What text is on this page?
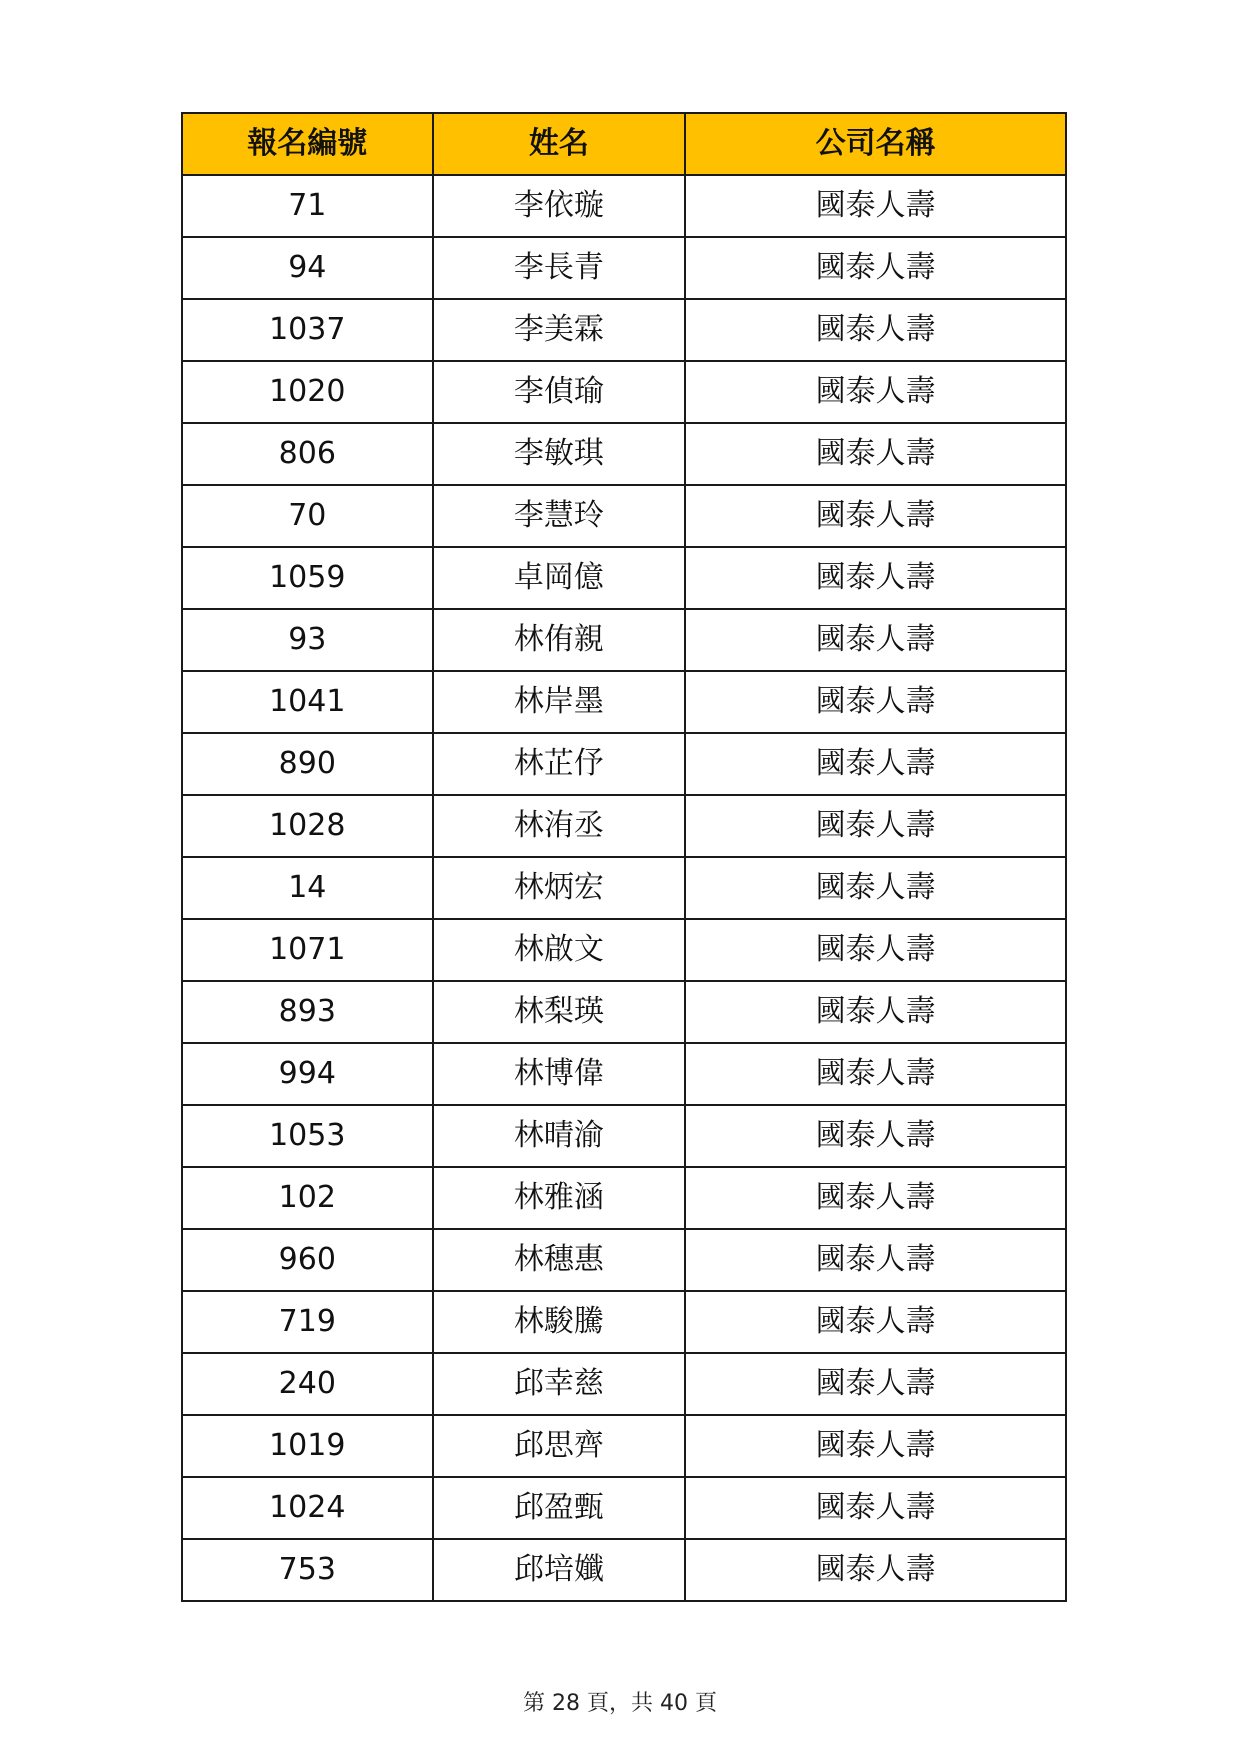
報名編號	姓名	公司名稱
71	李依璇	國泰人壽
94	李長青	國泰人壽
1037	李美霖	國泰人壽
1020	李偵瑜	國泰人壽
806	李敏琪	國泰人壽
70	李慧玲	國泰人壽
1059	卓岡億	國泰人壽
93	林侑親	國泰人壽
1041	林岸墨	國泰人壽
890	林芷伃	國泰人壽
1028	林洧丞	國泰人壽
14	林炳宏	國泰人壽
1071	林啟文	國泰人壽
893	林梨瑛	國泰人壽
994	林博偉	國泰人壽
1053	林晴渝	國泰人壽
102	林雅涵	國泰人壽
960	林穗惠	國泰人壽
719	林駿騰	國泰人壽
240	邱幸慈	國泰人壽
1019	邱思齊	國泰人壽
1024	邱盈甄	國泰人壽
753	邱培孅	國泰人壽
第 28 頁，共 40 頁
